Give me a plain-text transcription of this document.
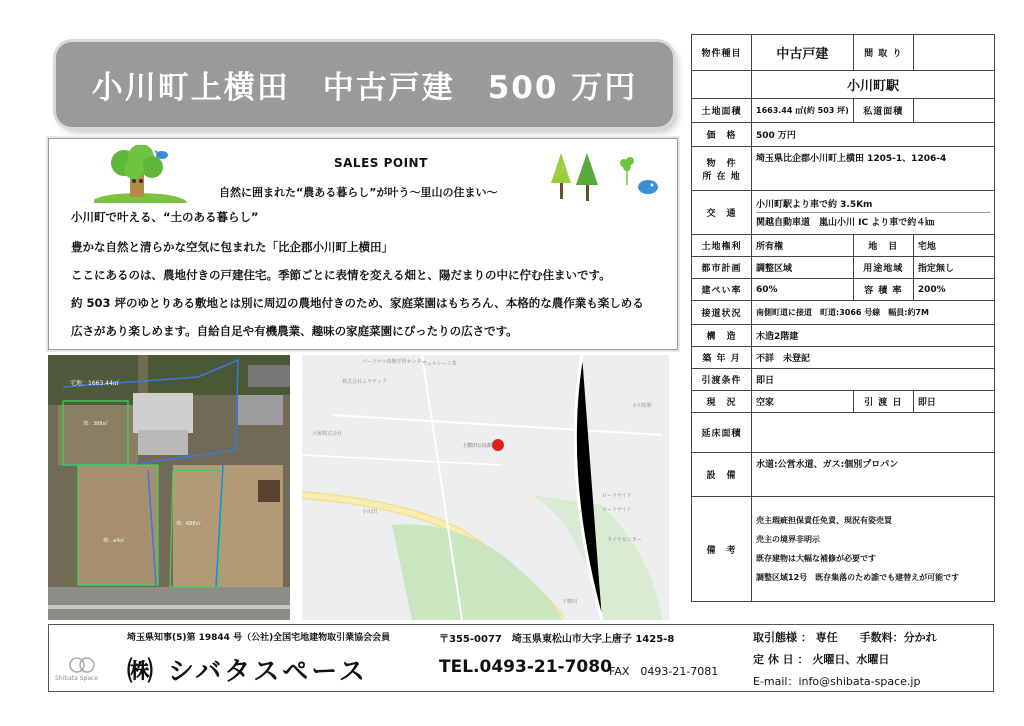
小川町上横田　中古戸建　500 万円
SALES POINT
自然に囲まれた“農ある暮らし”が叶う～里山の住まい～
小川町で叶える、“土のある暮らし”
豊かな自然と清らかな空気に包まれた「比企郡小川町上横田」
ここにあるのは、農地付きの戸建住宅。季節ごとに表情を変える畑と、陽だまりの中に佇む住まいです。
約 503 坪のゆとりある敷地とは別に周辺の農地付きのため、家庭菜園はもちろん、本格的な農作業も楽しめる
広さがあり楽しめます。自給自足や有機農業、趣味の家庭菜園にぴったりの広さです。
宅地：1663.44㎡
畑：388㎡
畑：a4㎡
畑：688㎡
パーソナル体験学習センター
ウェルシー工業
株式会社ムラテック
上横田公民館
大塚株式会社
小川田
小川町駅
ロードサイド
ロードサイド
タイヤセンター
下横田
物件種目	中古戸建	間 取 り	
	小川町駅		
土地面積	1663.44 ㎡(約 503 坪)	私道面積	
価　格	500 万円		
物　件
所 在 地	埼玉県比企郡小川町上横田 1205-1、1206-4		
交　通	小川町駅より車で約 3.5Km
関越自動車道　嵐山小川 IC より車で約４㎞		

土地権利	所有権	地　目	宅地
都市計画	調整区域	用途地域	指定無し
建ぺい率	60%	容 積 率	200%
接道状況	南側町道に接道　町道:3066 号線　幅員:約7M		
構　造	木造2階建		
築 年 月	不詳　未登記		
引渡条件	即日		
現　況	空家	引 渡 日	即日
延床面積			
設　備	水道:公営水道、ガス:個別プロパン		
備　考	売主瑕疵担保責任免責、現況有姿売買
売主の境界非明示
既存建物は大幅な補修が必要です
調整区域12号　既存集落のため誰でも建替えが可能です		
埼玉県知事(5)第 19844 号（公社)全国宅地建物取引業協会会員	〒355-0077　埼玉県東松山市大字上唐子 1425-8
Shibata Space ㈱ シバタスペース	TEL.0493-21-7080
FAX　0493-21-7081
取引態様 ： 専任　　手数料：分かれ
定 休 日 ： 火曜日、水曜日
E-mail：info@shibata-space.jp
